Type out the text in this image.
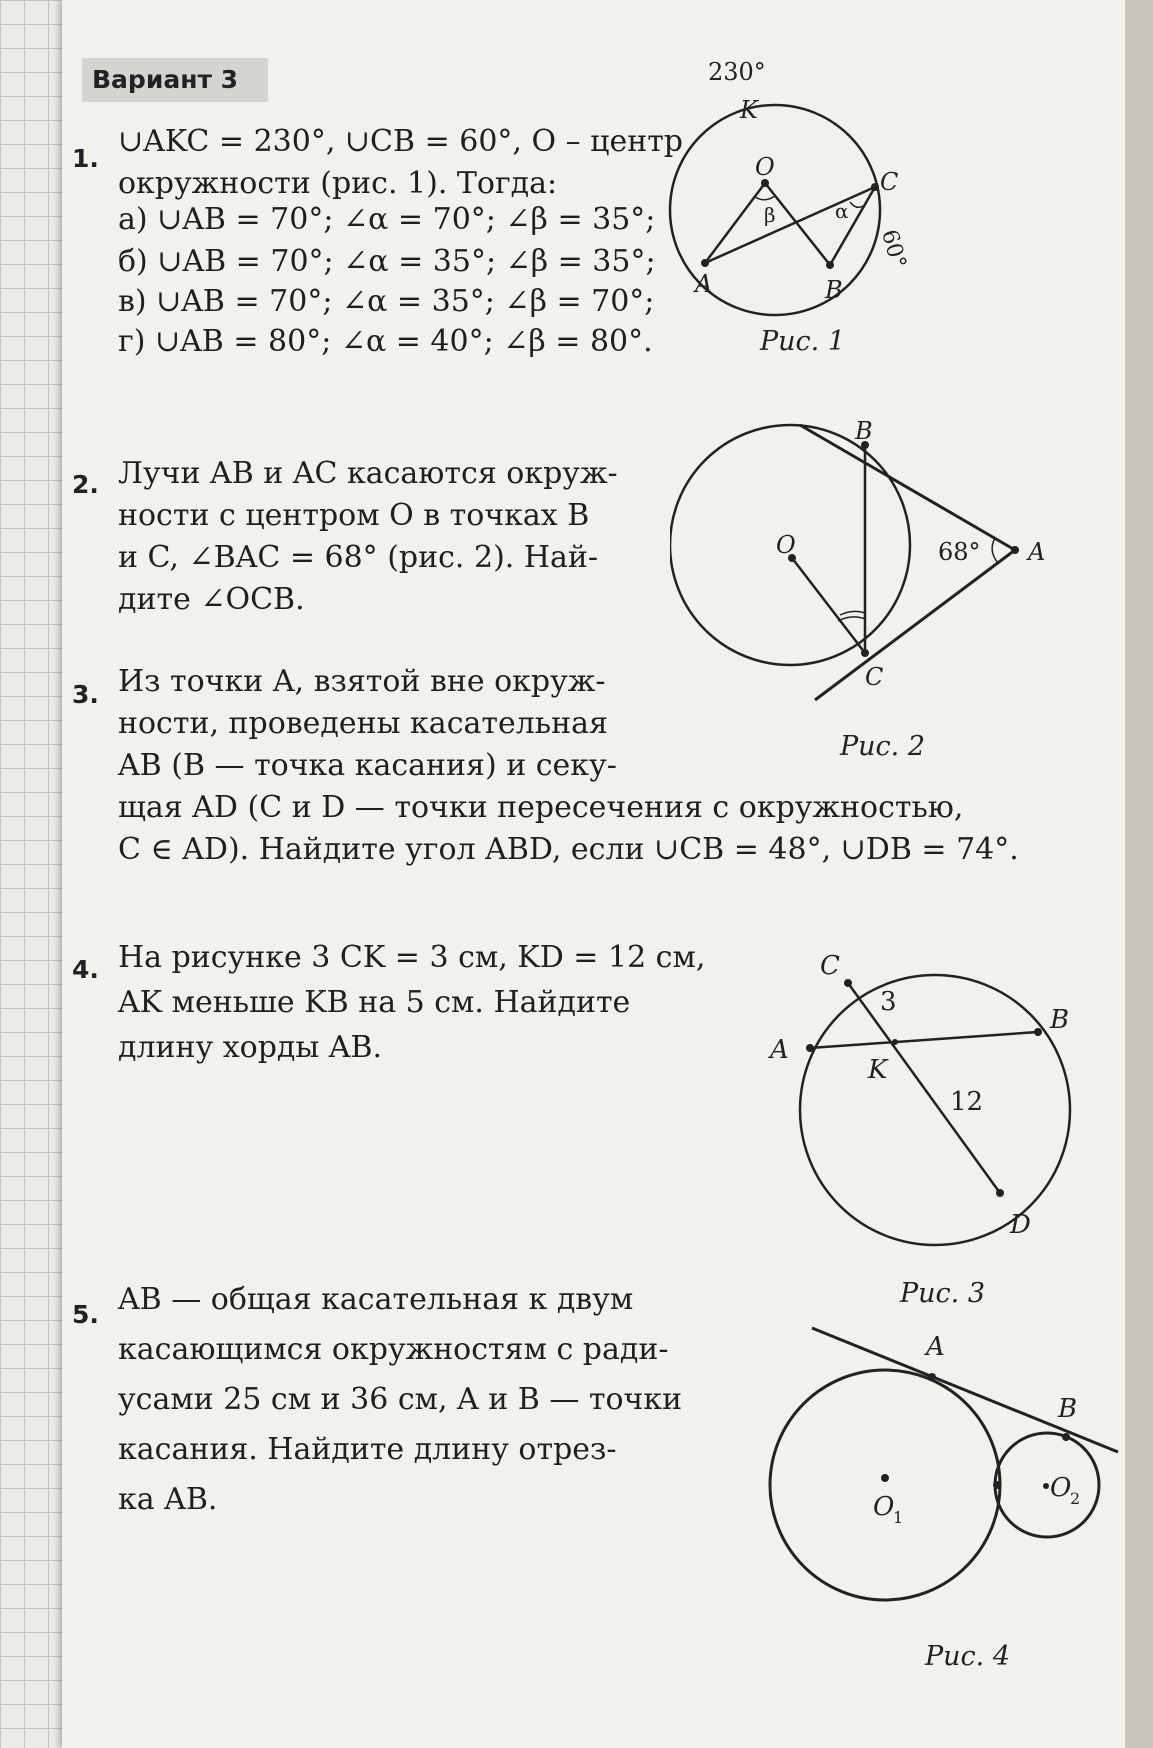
Вариант 3
1. ∪AKC = 230°, ∪CB = 60°, O – центр
окружности (рис. 1). Тогда:
а) ∪AB = 70°; ∠α = 70°; ∠β = 35°;
б) ∪AB = 70°; ∠α = 35°; ∠β = 35°;
в) ∪AB = 70°; ∠α = 35°; ∠β = 70°;
г) ∪AB = 80°; ∠α = 40°; ∠β = 80°.
230°
K
O
C
A	B
β	α
60°
Рис. 1
2. Лучи AB и AC касаются окруж-
ности с центром O в точках B
и C, ∠BAC = 68° (рис. 2). Най-
дите ∠OCB.
B
O	68° A
C
Рис. 2
3. Из точки A, взятой вне окруж-
ности, проведены касательная
AB (B — точка касания) и секу-
щая AD (C и D — точки пересечения с окружностью,
C ∈ AD). Найдите угол ABD, если ∪CB = 48°, ∪DB = 74°.
4. На рисунке 3 CK = 3 см, KD = 12 см,
AK меньше KB на 5 см. Найдите
длину хорды AB.
C
A
B
K
D
3
12
Рис. 3
5. AB — общая касательная к двум
касающимся окружностям с ради-
усами 25 см и 36 см, A и B — точки
касания. Найдите длину отрез-
ка AB.
A
B
O
1
O
2
Рис. 4
